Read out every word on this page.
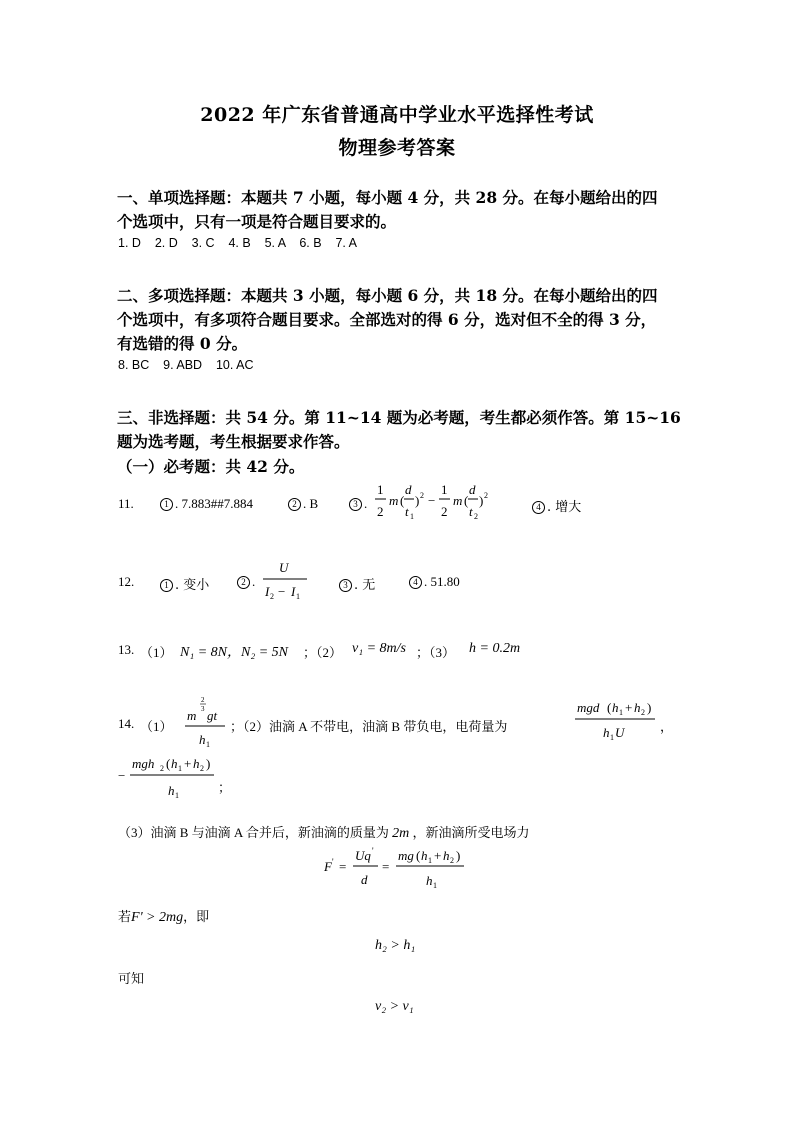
2022 年广东省普通高中学业水平选择性考试
物理参考答案
一、单项选择题：本题共 7 小题，每小题 4 分，共 28 分。在每小题给出的四
个选项中，只有一项是符合题目要求的。
1. D    2. D    3. C    4. B    5. A    6. B    7. A
二、多项选择题：本题共 3 小题，每小题 6 分，共 18 分。在每小题给出的四
个选项中，有多项符合题目要求。全部选对的得 6 分，选对但不全的得 3 分，
有选错的得 0 分。
8. BC    9. ABD    10. AC
三、非选择题：共 54 分。第 11~14 题为必考题，考生都必须作答。第 15~16
题为选考题，考生根据要求作答。
（一）必考题：共 42 分。
11.	1 . 7.883##7.884	2 . B	3 .
1
2
m (
d
t 1
) 2 −
1
2
m (
d
t 2
) 2
4 . 增大
12.	1 . 变小	2 .
U
I 2 − I 1
3 . 无	4 . 51.80
13. （1） N₁ = 8N，N₂ = 5N ；（2） v₁ = 8m/s ；（3） h = 0.2m
14. （1）
2
3
m gt
h 1
；（2）油滴 A 不带电，油滴 B 带负电，电荷量为
mgd ( h 1 + h 2 )
h 1 U	，
−
mgh 2 ( h 1 + h 2 )
h 1
；
（3）油滴 B 与油滴 A 合并后，新油滴的质量为 2m ，新油滴所受电场力
F ' =
Uq '
d
=
mg ( h 1 + h 2 )
h 1
若F' > 2mg，即
h₂ > h₁
可知
v₂ > v₁
